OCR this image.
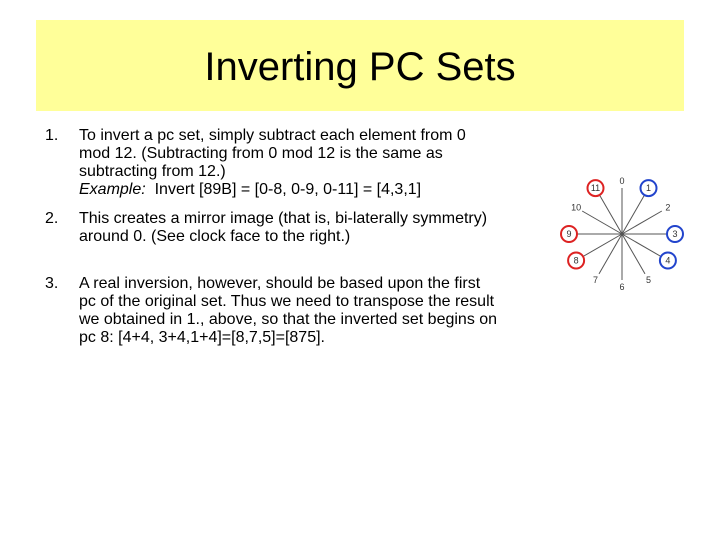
Inverting PC Sets
1. To invert a pc set, simply subtract each element from 0
mod 12. (Subtracting from 0 mod 12 is the same as
subtracting from 12.)
Example:  Invert [89B] = [0-8, 0-9, 0-11] = [4,3,1]
2. This creates a mirror image (that is, bi-laterally symmetry)
around 0. (See clock face to the right.)
3. A real inversion, however, should be based upon the first
pc of the original set. Thus we need to transpose the result
we obtained in 1., above, so that the inverted set begins on
pc 8: [4+4, 3+4,1+4]=[8,7,5]=[875].
0
1
2
3
4
5
6
7
8
9
10
11
